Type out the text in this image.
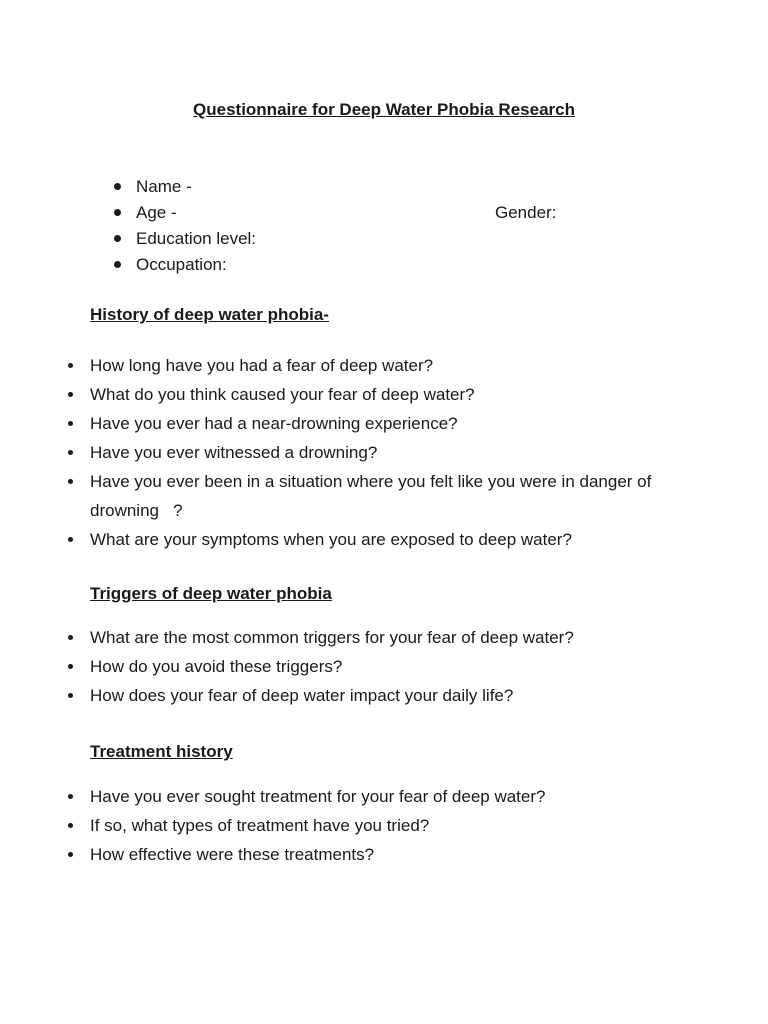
Questionnaire for Deep Water Phobia Research
Name -
Age -	Gender:
Education level:
Occupation:
History of deep water phobia-
How long have you had a fear of deep water?
What do you think caused your fear of deep water?
Have you ever had a near-drowning experience?
Have you ever witnessed a drowning?
Have you ever been in a situation where you felt like you were in danger of drowning   ?
What are your symptoms when you are exposed to deep water?
Triggers of deep water phobia
What are the most common triggers for your fear of deep water?
How do you avoid these triggers?
How does your fear of deep water impact your daily life?
Treatment history
Have you ever sought treatment for your fear of deep water?
If so, what types of treatment have you tried?
How effective were these treatments?
